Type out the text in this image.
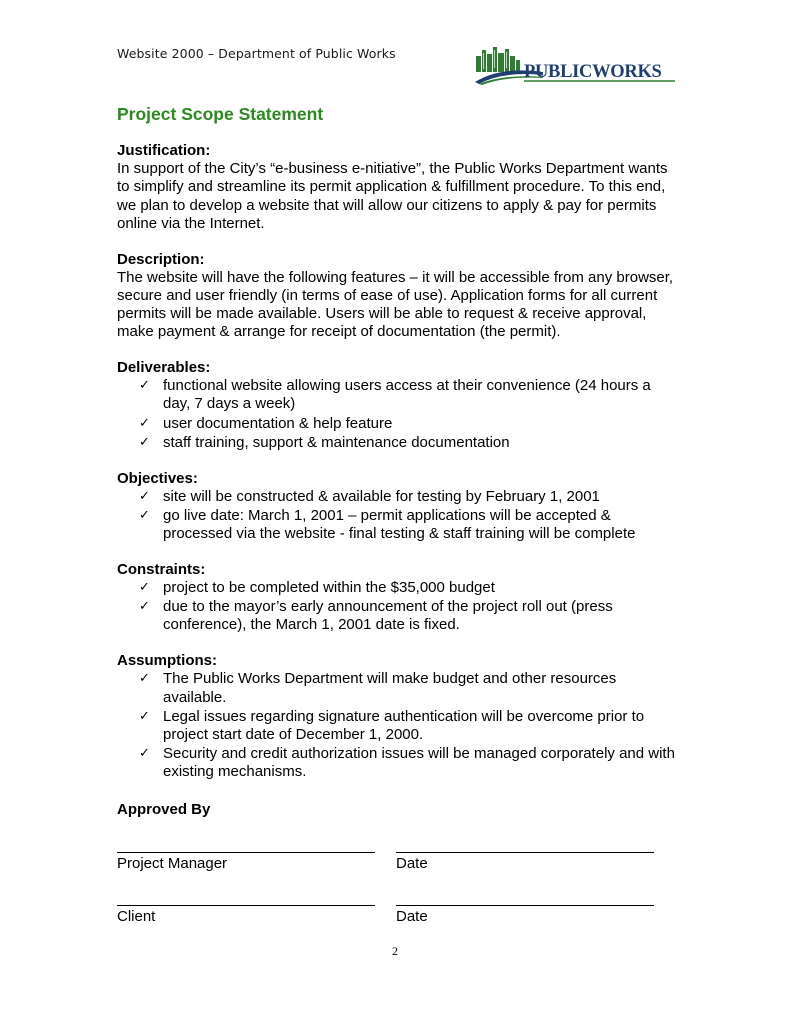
Website 2000 – Department of Public Works
PUBLICWORKS
Project Scope Statement
Justification:

In support of the City’s “e-business e-nitiative”, the Public Works Department wants to simplify and streamline its permit application & fulfillment procedure. To this end, we plan to develop a website that will allow our citizens to apply & pay for permits online via the Internet.

Description:

The website will have the following features – it will be accessible from any browser, secure and user friendly (in terms of ease of use). Application forms for all current permits will be made available. Users will be able to request & receive approval, make payment & arrange for receipt of documentation (the permit).

Deliverables:
✓ functional website allowing users access at their convenience (24 hours a day, 7 days a week)
✓ user documentation & help feature
✓ staff training, support & maintenance documentation
Objectives:
✓ site will be constructed & available for testing by February 1, 2001
✓ go live date: March 1, 2001 – permit applications will be accepted & processed via the website - final testing & staff training will be complete
Constraints:
✓ project to be completed within the $35,000 budget
✓ due to the mayor’s early announcement of the project roll out (press conference), the March 1, 2001 date is fixed.
Assumptions:
✓ The Public Works Department will make budget and other resources available.
✓ Legal issues regarding signature authentication will be overcome prior to project start date of December 1, 2000.
✓ Security and credit authorization issues will be managed corporately and with existing mechanisms.
Approved By
Project Manager	Date
Client	Date
2
